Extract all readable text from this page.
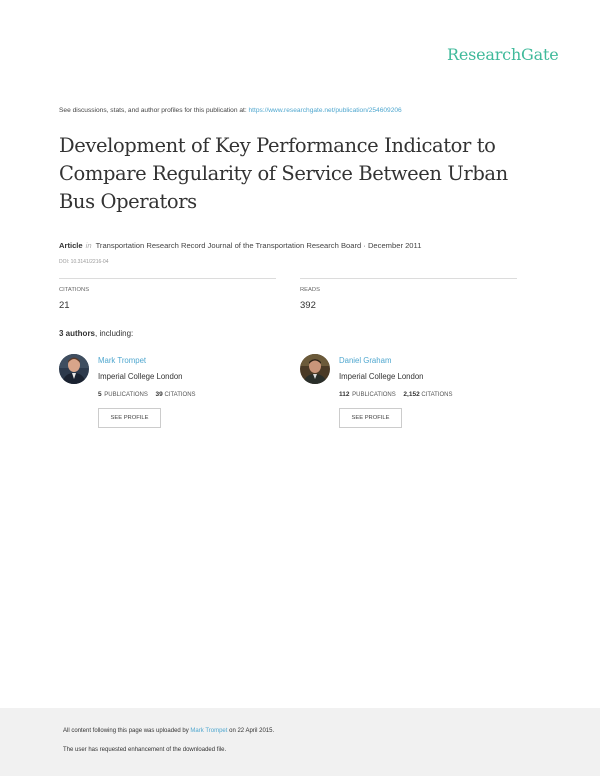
ResearchGate
See discussions, stats, and author profiles for this publication at: https://www.researchgate.net/publication/254609206
Development of Key Performance Indicator to Compare Regularity of Service Between Urban Bus Operators
Article in Transportation Research Record Journal of the Transportation Research Board · December 2011
DOI: 10.3141/2216-04
CITATIONS
21
READS
392
3 authors, including:
Mark Trompet
Imperial College London
5 PUBLICATIONS 39 CITATIONS
SEE PROFILE
Daniel Graham
Imperial College London
112 PUBLICATIONS 2,152 CITATIONS
SEE PROFILE
All content following this page was uploaded by Mark Trompet on 22 April 2015.
The user has requested enhancement of the downloaded file.
